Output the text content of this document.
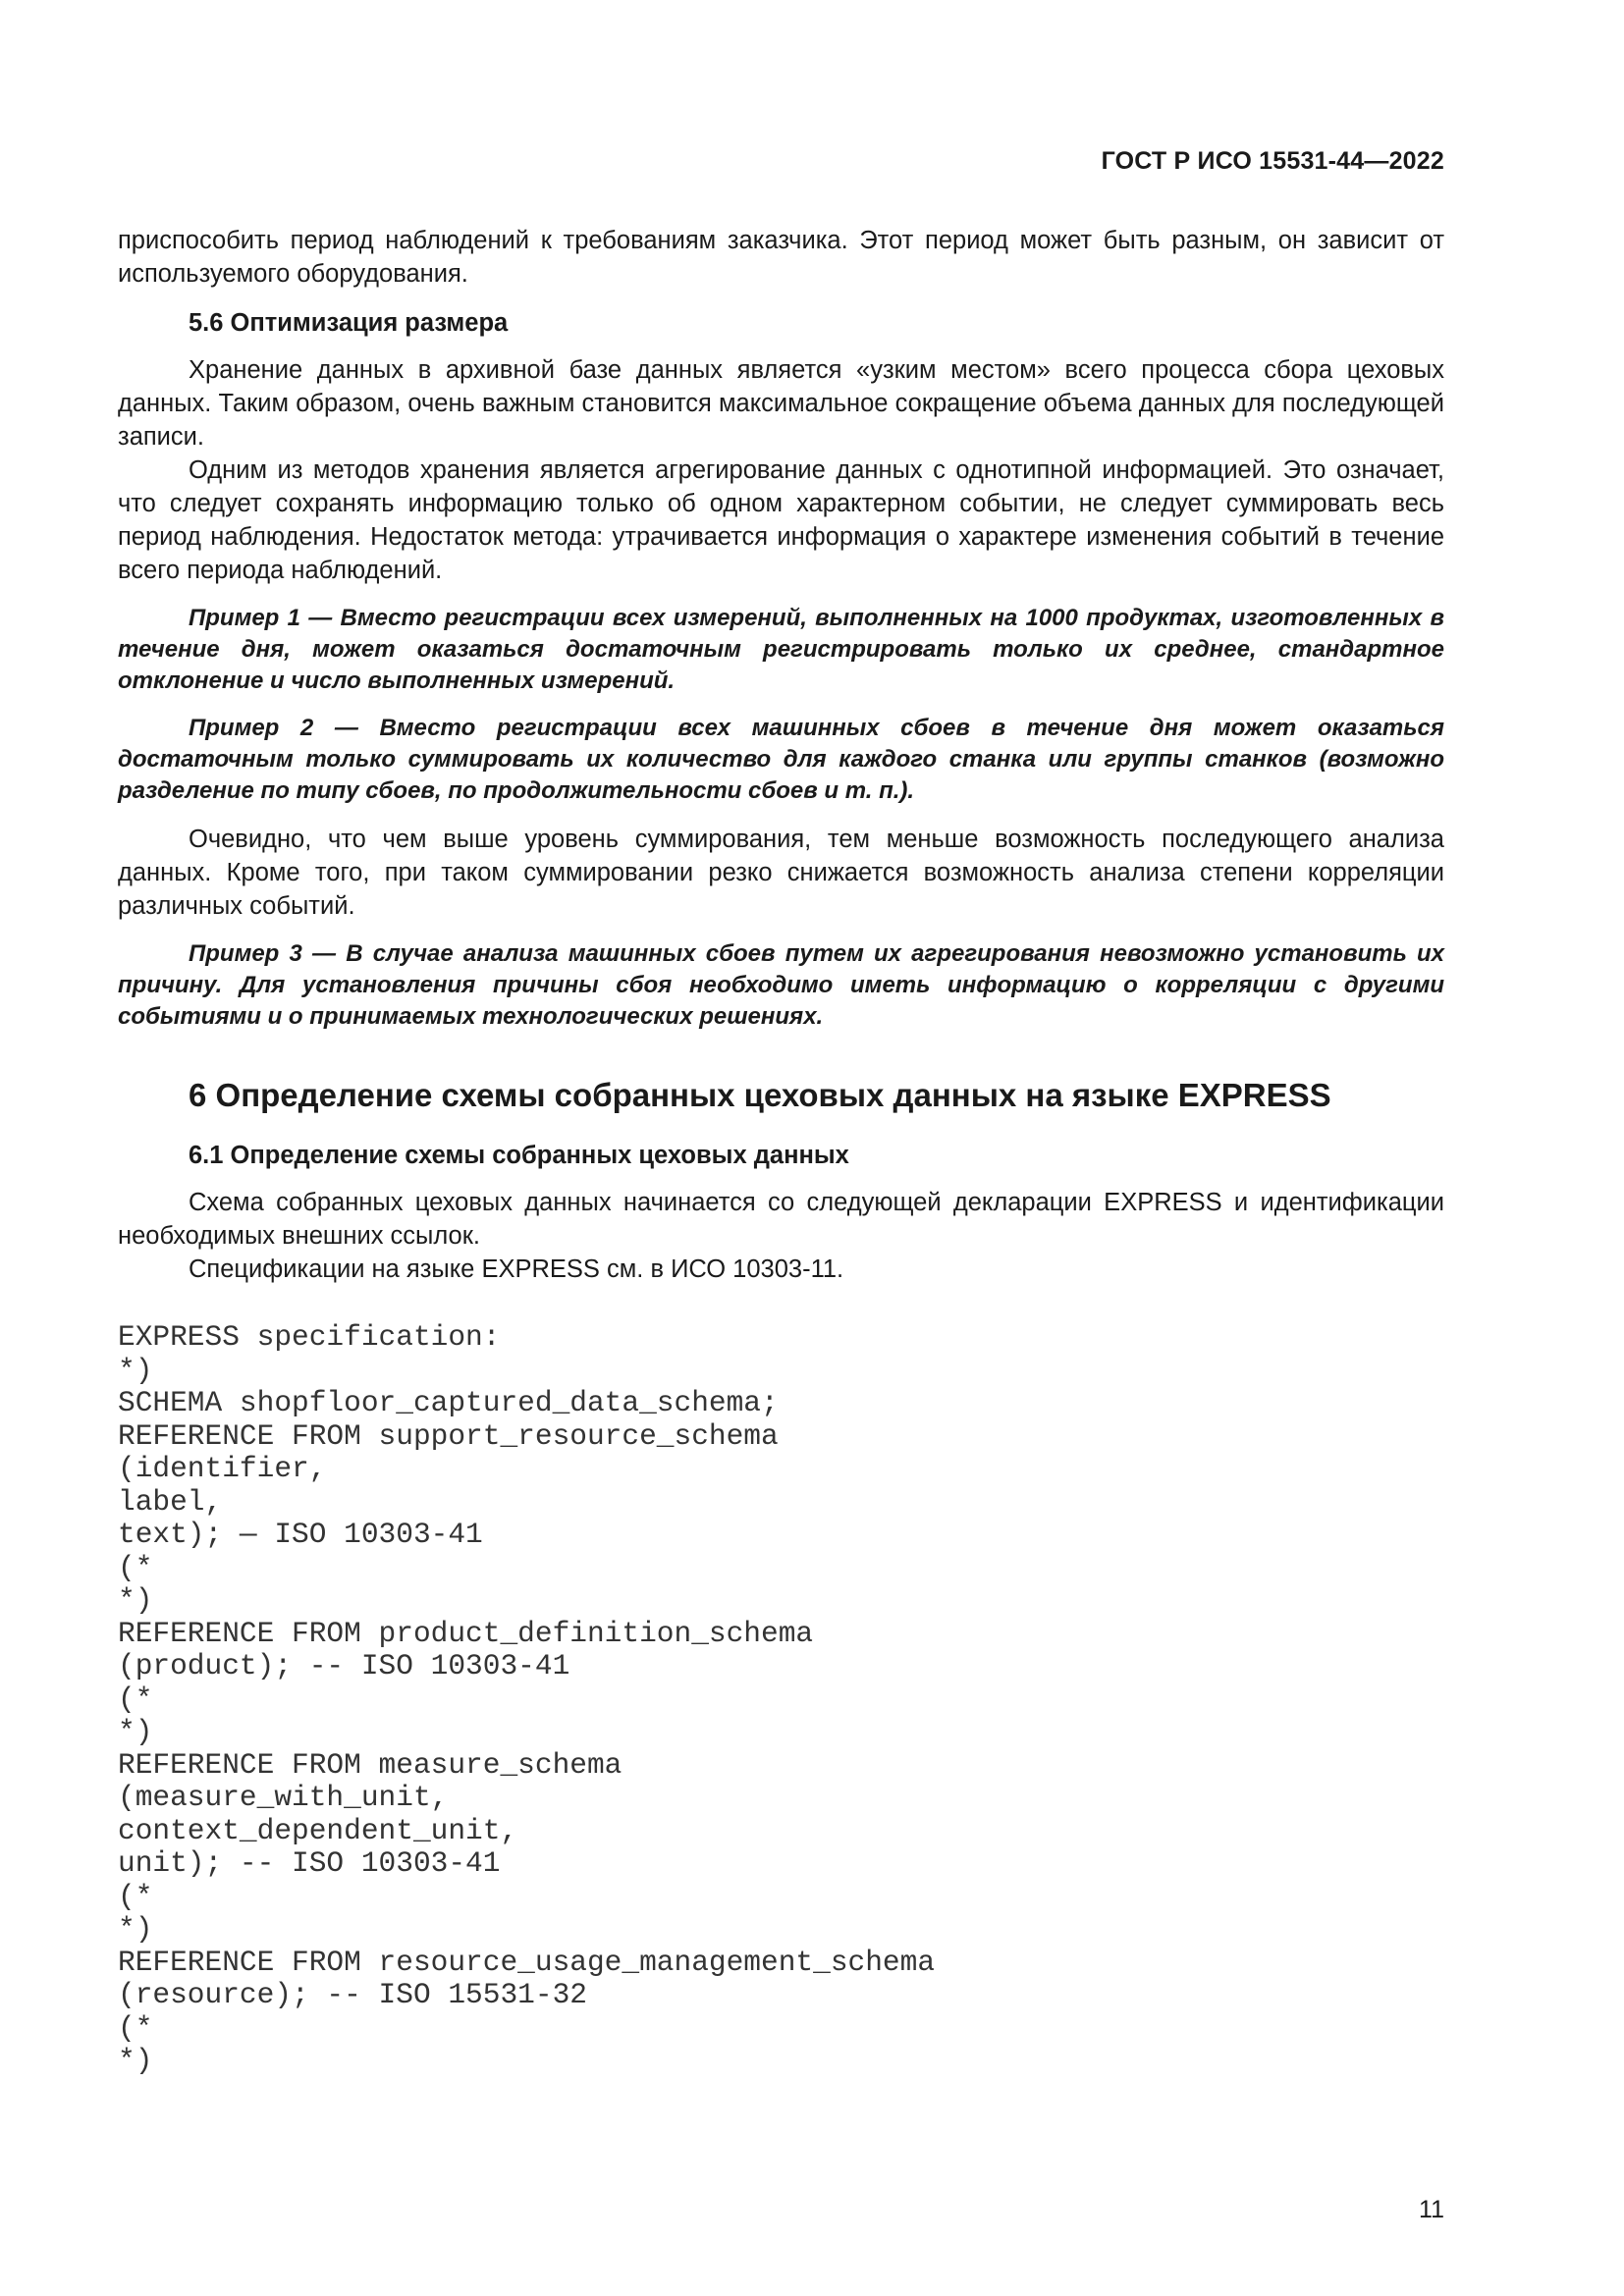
ГОСТ Р ИСО 15531-44—2022

приспособить период наблюдений к требованиям заказчика. Этот период может быть разным, он зависит от используемого оборудования.

5.6 Оптимизация размера

Хранение данных в архивной базе данных является «узким местом» всего процесса сбора цеховых данных. Таким образом, очень важным становится максимальное сокращение объема данных для последующей записи.

Одним из методов хранения является агрегирование данных с однотипной информацией. Это означает, что следует сохранять информацию только об одном характерном событии, не следует суммировать весь период наблюдения. Недостаток метода: утрачивается информация о характере изменения событий в течение всего периода наблюдений.

Пример 1 — Вместо регистрации всех измерений, выполненных на 1000 продуктах, изготовленных в течение дня, может оказаться достаточным регистрировать только их среднее, стандартное отклонение и число выполненных измерений.

Пример 2 — Вместо регистрации всех машинных сбоев в течение дня может оказаться достаточным только суммировать их количество для каждого станка или группы станков (возможно разделение по типу сбоев, по продолжительности сбоев и т. п.).

Очевидно, что чем выше уровень суммирования, тем меньше возможность последующего анализа данных. Кроме того, при таком суммировании резко снижается возможность анализа степени корреляции различных событий.

Пример 3 — В случае анализа машинных сбоев путем их агрегирования невозможно установить их причину. Для установления причины сбоя необходимо иметь информацию о корреляции с другими событиями и о принимаемых технологических решениях.

6 Определение схемы собранных цеховых данных на языке EXPRESS
6.1 Определение схемы собранных цеховых данных

Схема собранных цеховых данных начинается со следующей декларации EXPRESS и идентификации необходимых внешних ссылок.

Спецификации на языке EXPRESS см. в ИСО 10303-11.

EXPRESS specification:
*)
SCHEMA shopfloor_captured_data_schema;
REFERENCE FROM support_resource_schema
(identifier,
label,
text); — ISO 10303-41
(*
*)
REFERENCE FROM product_definition_schema
(product); -- ISO 10303-41
(*
*)
REFERENCE FROM measure_schema
(measure_with_unit,
context_dependent_unit,
unit); -- ISO 10303-41
(*
*)
REFERENCE FROM resource_usage_management_schema
(resource); -- ISO 15531-32
(*
*)
11
